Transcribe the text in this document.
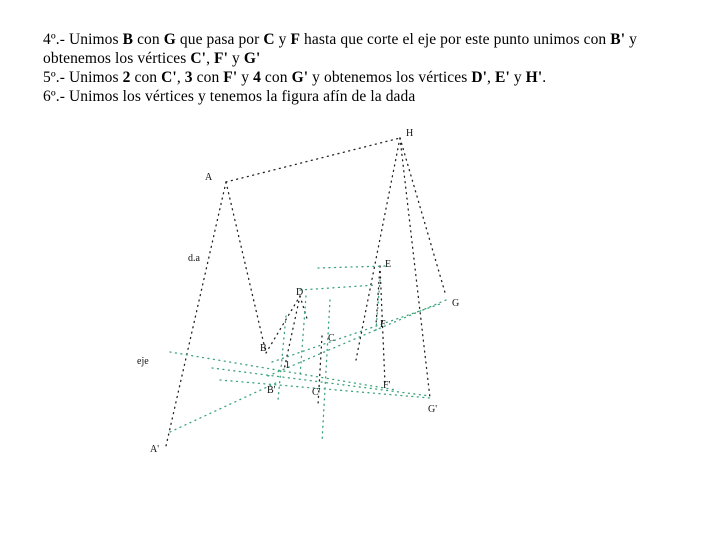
4º.- Unimos B con G que pasa por C y F hasta que corte el eje por este punto unimos con B' y
obtenemos los vértices C', F' y G'
5º.- Unimos 2 con C', 3 con F' y 4 con G' y obtenemos los vértices D', E' y H'.
6º.- Unimos los vértices y tenemos la figura afín de la dada
A
H
d.a
E
D
G
F
C
B
eje	1
F'
B'	C'
G'
A'
